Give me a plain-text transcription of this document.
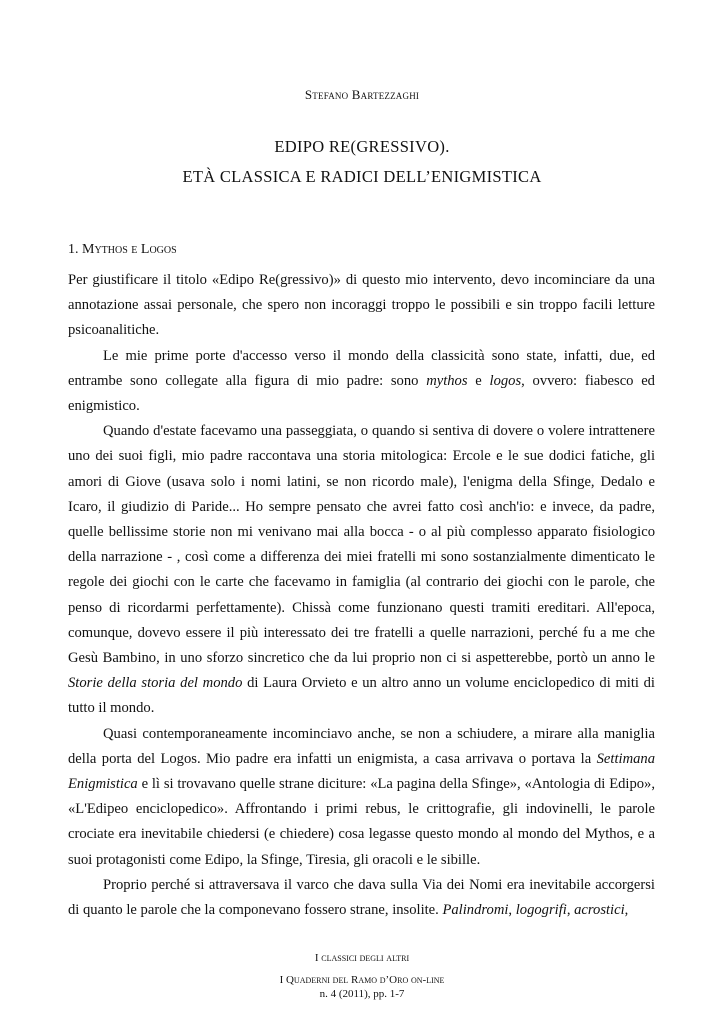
Stefano Bartezzaghi
EDIPO RE(GRESSIVO).
ETÀ CLASSICA E RADICI DELL’ENIGMISTICA
1. Mythos e Logos

Per giustificare il titolo «Edipo Re(gressivo)» di questo mio intervento, devo incominciare da una annotazione assai personale, che spero non incoraggi troppo le possibili e sin troppo facili letture psicoanalitiche.

Le mie prime porte d'accesso verso il mondo della classicità sono state, infatti, due, ed entrambe sono collegate alla figura di mio padre: sono mythos e logos, ovvero: fiabesco ed enigmistico.

Quando d'estate facevamo una passeggiata, o quando si sentiva di dovere o volere intrattenere uno dei suoi figli, mio padre raccontava una storia mitologica: Ercole e le sue dodici fatiche, gli amori di Giove (usava solo i nomi latini, se non ricordo male), l'enigma della Sfinge, Dedalo e Icaro, il giudizio di Paride... Ho sempre pensato che avrei fatto così anch'io: e invece, da padre, quelle bellissime storie non mi venivano mai alla bocca - o al più complesso apparato fisiologico della narrazione - , così come a differenza dei miei fratelli mi sono sostanzialmente dimenticato le regole dei giochi con le carte che facevamo in famiglia (al contrario dei giochi con le parole, che penso di ricordarmi perfettamente). Chissà come funzionano questi tramiti ereditari. All'epoca, comunque, dovevo essere il più interessato dei tre fratelli a quelle narrazioni, perché fu a me che Gesù Bambino, in uno sforzo sincretico che da lui proprio non ci si aspetterebbe, portò un anno le Storie della storia del mondo di Laura Orvieto e un altro anno un volume enciclopedico di miti di tutto il mondo.

Quasi contemporaneamente incominciavo anche, se non a schiudere, a mirare alla maniglia della porta del Logos. Mio padre era infatti un enigmista, a casa arrivava o portava la Settimana Enigmistica e lì si trovavano quelle strane diciture: «La pagina della Sfinge», «Antologia di Edipo», «L'Edipeo enciclopedico». Affrontando i primi rebus, le crittografie, gli indovinelli, le parole crociate era inevitabile chiedersi (e chiedere) cosa legasse questo mondo al mondo del Mythos, e a suoi protagonisti come Edipo, la Sfinge, Tiresia, gli oracoli e le sibille.

Proprio perché si attraversava il varco che dava sulla Via dei Nomi era inevitabile accorgersi di quanto le parole che la componevano fossero strane, insolite. Palindromi, logogrifi, acrostici,

I classici degli altri
I Quaderni del Ramo d’Oro on-line
n. 4 (2011), pp. 1-7
